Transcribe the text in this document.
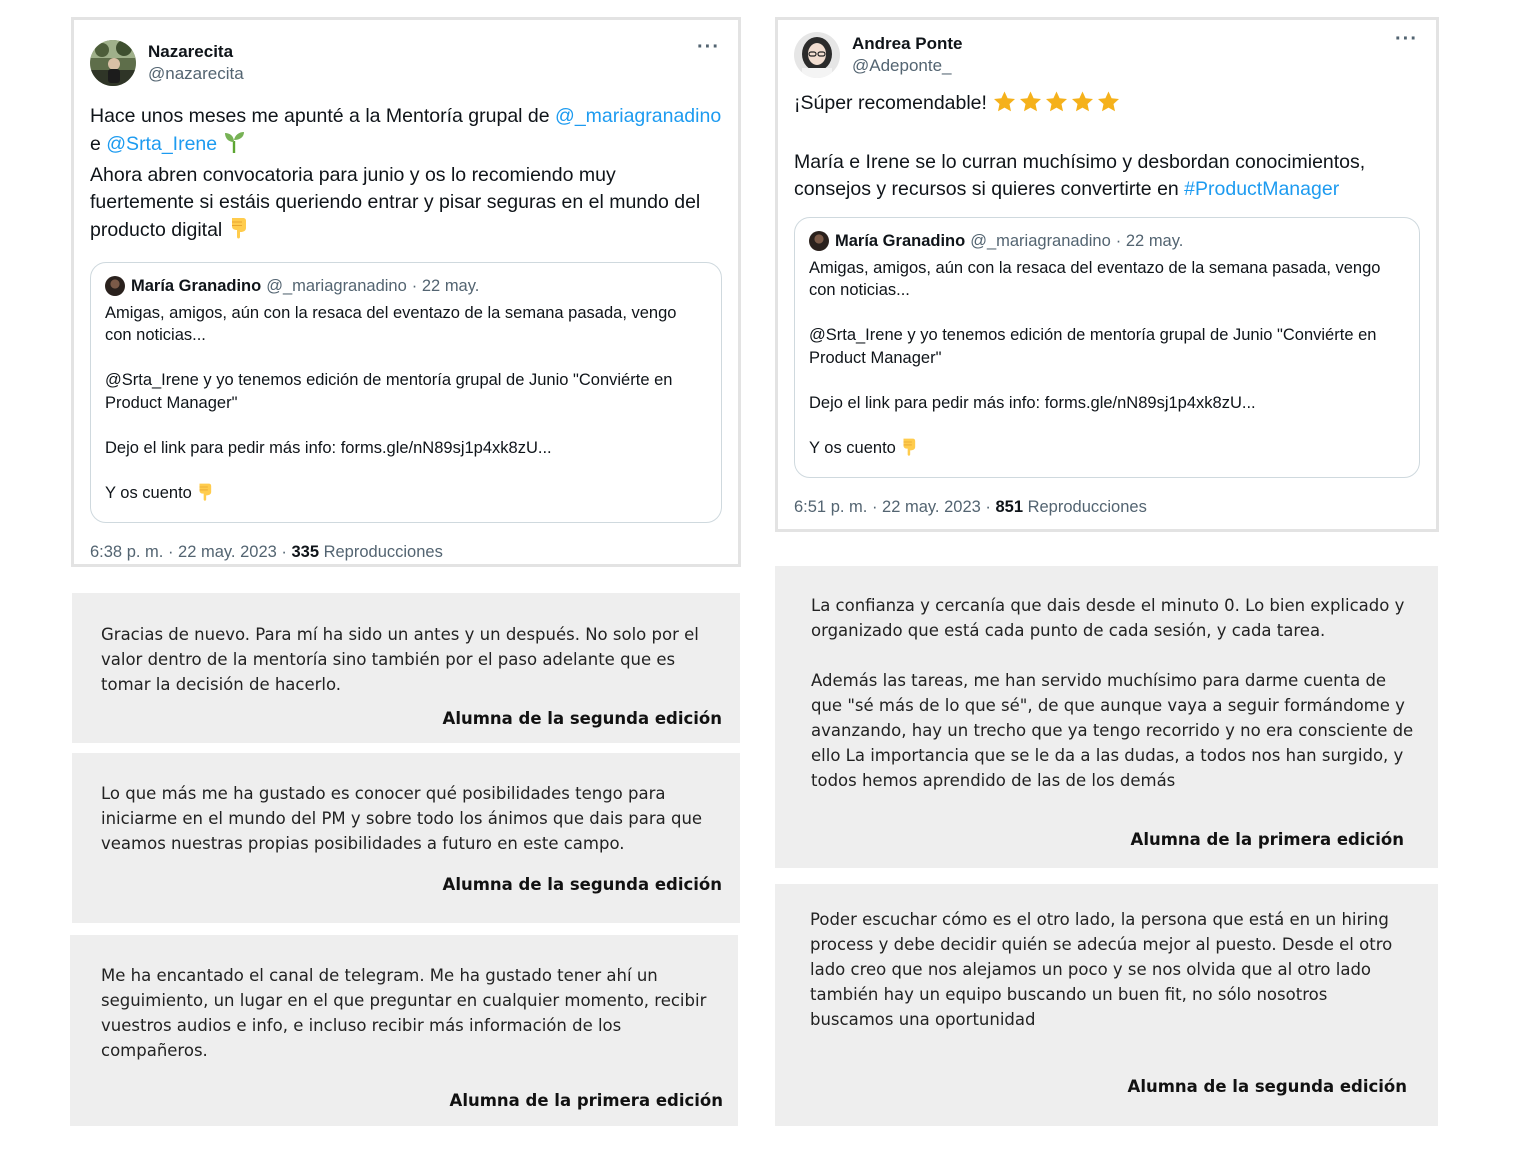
Nazarecita
@nazarecita
···

Hace unos meses me apunté a la Mentoría grupal de @_mariagranadino

e @Srta_Irene

Ahora abren convocatoria para junio y os lo recomiendo muy

fuertemente si estáis queriendo entrar y pisar seguras en el mundo del

producto digital

María Granadino @_mariagranadino · 22 may.

Amigas, amigos, aún con la resaca del eventazo de la semana pasada, vengo

con noticias...

@Srta_Irene y yo tenemos edición de mentoría grupal de Junio "Conviérte en

Product Manager"

Dejo el link para pedir más info: forms.gle/nN89sj1p4xk8zU...

Y os cuento

6:38 p. m. · 22 may. 2023 · 335 Reproducciones
Andrea Ponte
@Adeponte_
···

¡Súper recomendable!

María e Irene se lo curran muchísimo y desbordan conocimientos,

consejos y recursos si quieres convertirte en #ProductManager

María Granadino @_mariagranadino · 22 may.

Amigas, amigos, aún con la resaca del eventazo de la semana pasada, vengo

con noticias...

@Srta_Irene y yo tenemos edición de mentoría grupal de Junio "Conviérte en

Product Manager"

Dejo el link para pedir más info: forms.gle/nN89sj1p4xk8zU...

Y os cuento

6:51 p. m. · 22 may. 2023 · 851 Reproducciones

Gracias de nuevo. Para mí ha sido un antes y un después. No solo por el

valor dentro de la mentoría sino también por el paso adelante que es

tomar la decisión de hacerlo.

Alumna de la segunda edición

Lo que más me ha gustado es conocer qué posibilidades tengo para

iniciarme en el mundo del PM y sobre todo los ánimos que dais para que

veamos nuestras propias posibilidades a futuro en este campo.

Alumna de la segunda edición

Me ha encantado el canal de telegram. Me ha gustado tener ahí un

seguimiento, un lugar en el que preguntar en cualquier momento, recibir

vuestros audios e info, e incluso recibir más información de los

compañeros.

Alumna de la primera edición

La confianza y cercanía que dais desde el minuto 0. Lo bien explicado y

organizado que está cada punto de cada sesión, y cada tarea.

Además las tareas, me han servido muchísimo para darme cuenta de

que "sé más de lo que sé", de que aunque vaya a seguir formándome y

avanzando, hay un trecho que ya tengo recorrido y no era consciente de

ello La importancia que se le da a las dudas, a todos nos han surgido, y

todos hemos aprendido de las de los demás

Alumna de la primera edición

Poder escuchar cómo es el otro lado, la persona que está en un hiring

process y debe decidir quién se adecúa mejor al puesto. Desde el otro

lado creo que nos alejamos un poco y se nos olvida que al otro lado

también hay un equipo buscando un buen fit, no sólo nosotros

buscamos una oportunidad

Alumna de la segunda edición
